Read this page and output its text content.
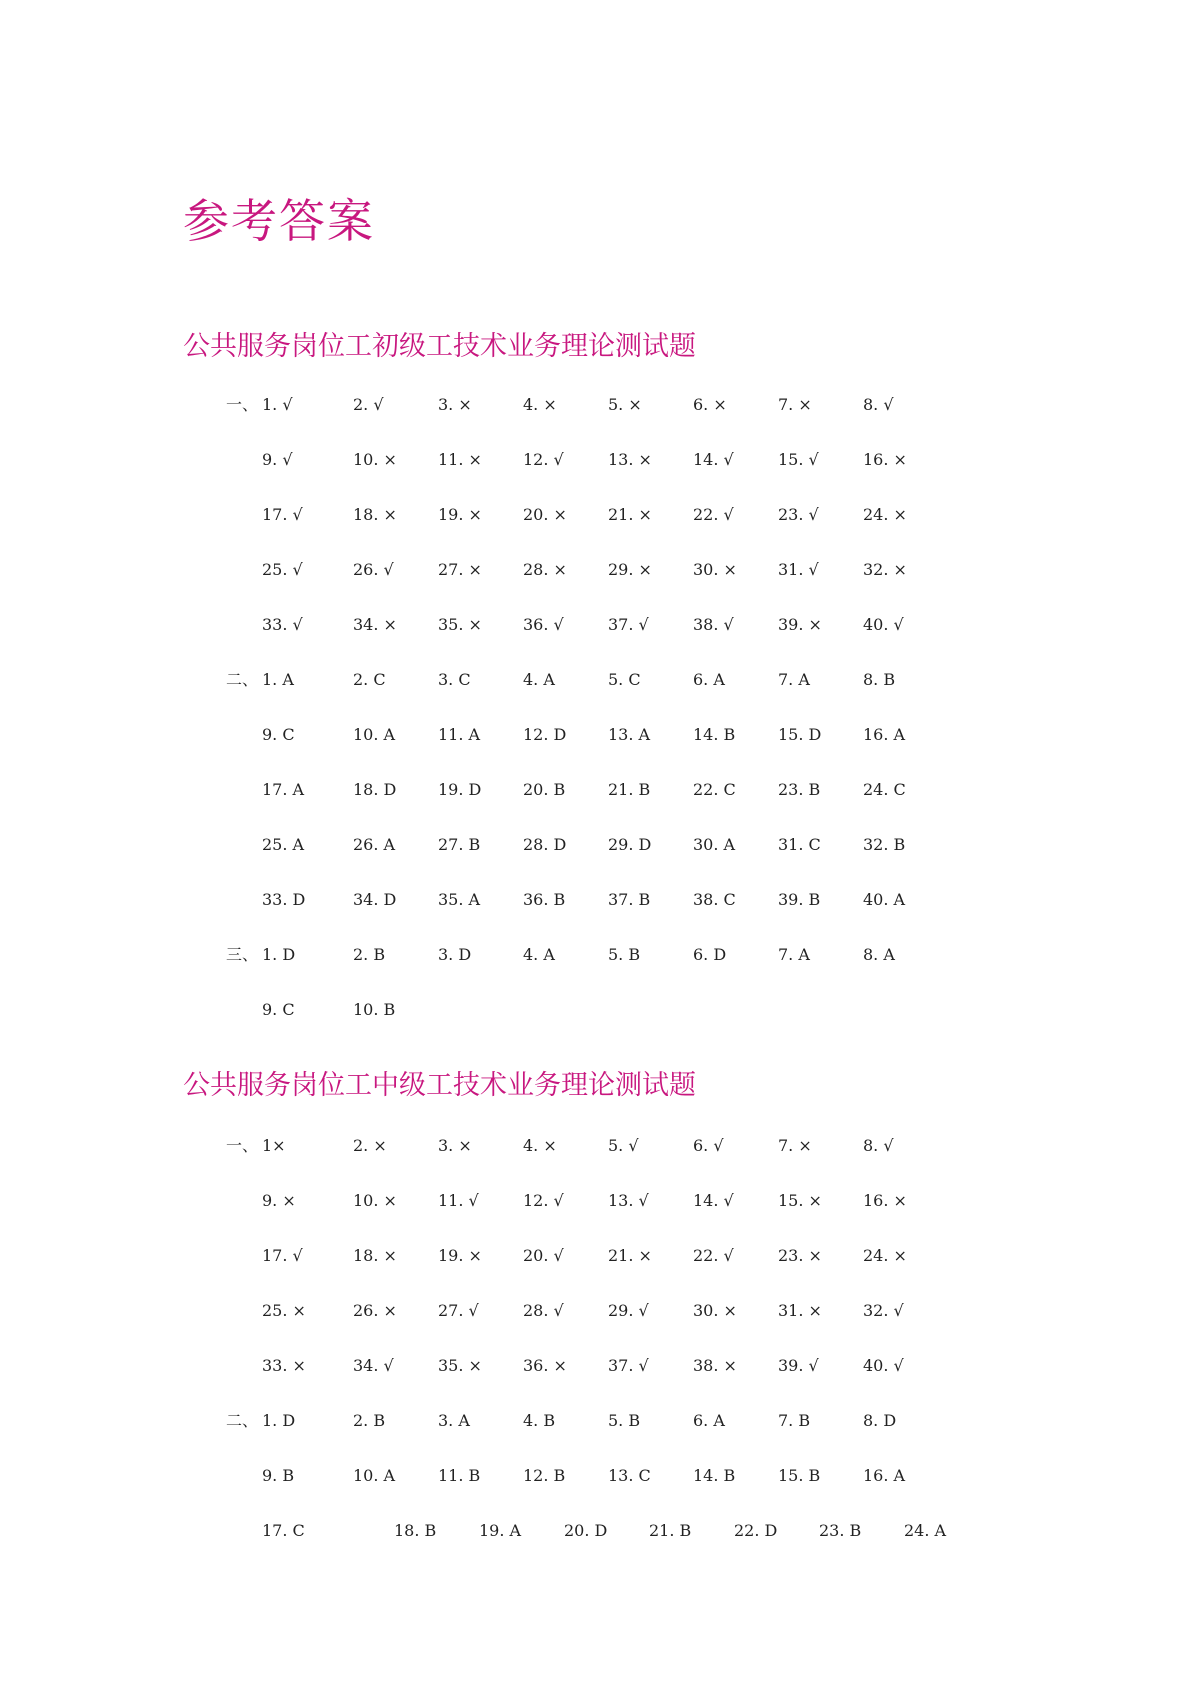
参考答案
公共服务岗位工初级工技术业务理论测试题
公共服务岗位工中级工技术业务理论测试题
一、 1. √	2. √	3. ×	4. ×	5. ×	6. ×	7. ×	8. √
9. √	10. ×	11. ×	12. √	13. ×	14. √	15. √	16. ×
17. √	18. ×	19. ×	20. ×	21. ×	22. √	23. √	24. ×
25. √	26. √	27. ×	28. ×	29. ×	30. ×	31. √	32. ×
33. √	34. ×	35. ×	36. √	37. √	38. √	39. ×	40. √
二、 1. A	2. C	3. C	4. A	5. C	6. A	7. A	8. B
9. C	10. A	11. A	12. D	13. A	14. B	15. D	16. A
17. A	18. D	19. D	20. B	21. B	22. C	23. B	24. C
25. A	26. A	27. B	28. D	29. D	30. A	31. C	32. B
33. D	34. D	35. A	36. B	37. B	38. C	39. B	40. A
三、 1. D	2. B	3. D	4. A	5. B	6. D	7. A	8. A
9. C	10. B
一、 1×	2. ×	3. ×	4. ×	5. √	6. √	7. ×	8. √
9. ×	10. ×	11. √	12. √	13. √	14. √	15. ×	16. ×
17. √	18. ×	19. ×	20. √	21. ×	22. √	23. ×	24. ×
25. ×	26. ×	27. √	28. √	29. √	30. ×	31. ×	32. √
33. ×	34. √	35. ×	36. ×	37. √	38. ×	39. √	40. √
二、 1. D	2. B	3. A	4. B	5. B	6. A	7. B	8. D
9. B	10. A	11. B	12. B	13. C	14. B	15. B	16. A
17. C	18. B	19. A	20. D	21. B	22. D	23. B	24. A
